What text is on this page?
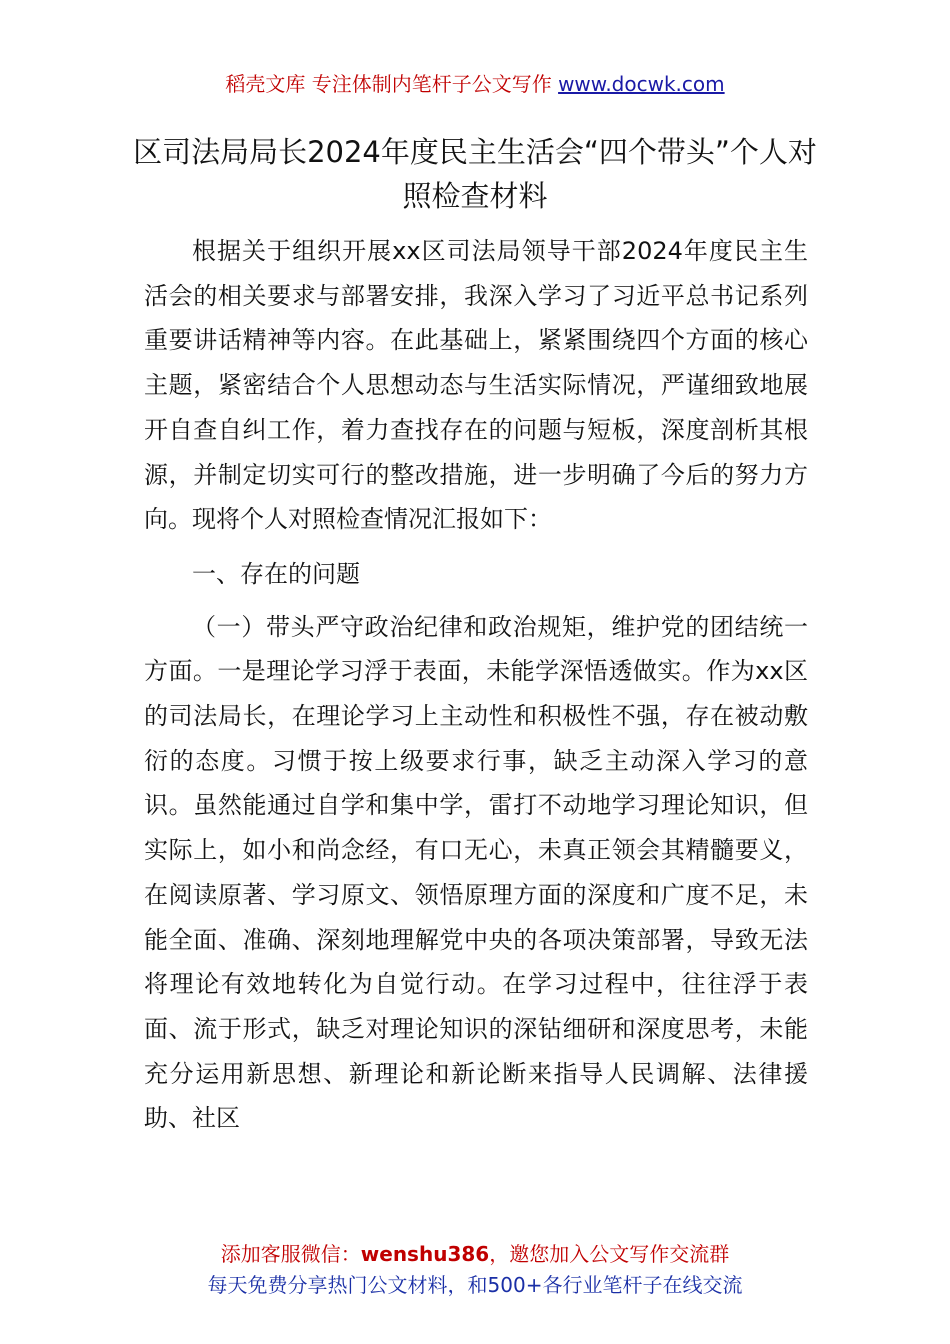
稻壳文库 专注体制内笔杆子公文写作 www.docwk.com
区司法局局长2024年度民主生活会“四个带头”个人对照检查材料

根据关于组织开展xx区司法局领导干部2024年度民主生活会的相关要求与部署安排，我深入学习了习近平总书记系列重要讲话精神等内容。在此基础上，紧紧围绕四个方面的核心主题，紧密结合个人思想动态与生活实际情况，严谨细致地展开自查自纠工作，着力查找存在的问题与短板，深度剖析其根源，并制定切实可行的整改措施，进一步明确了今后的努力方向。现将个人对照检查情况汇报如下：

一、存在的问题

（一）带头严守政治纪律和政治规矩，维护党的团结统一方面。一是理论学习浮于表面，未能学深悟透做实。作为xx区的司法局长，在理论学习上主动性和积极性不强，存在被动敷衍的态度。习惯于按上级要求行事，缺乏主动深入学习的意识。虽然能通过自学和集中学，雷打不动地学习理论知识，但实际上，如小和尚念经，有口无心，未真正领会其精髓要义，在阅读原著、学习原文、领悟原理方面的深度和广度不足，未能全面、准确、深刻地理解党中央的各项决策部署，导致无法将理论有效地转化为自觉行动。在学习过程中，往往浮于表面、流于形式，缺乏对理论知识的深钻细研和深度思考，未能充分运用新思想、新理论和新论断来指导人民调解、法律援助、社区

添加客服微信：wenshu386，邀您加入公文写作交流群
每天免费分享热门公文材料，和500+各行业笔杆子在线交流
